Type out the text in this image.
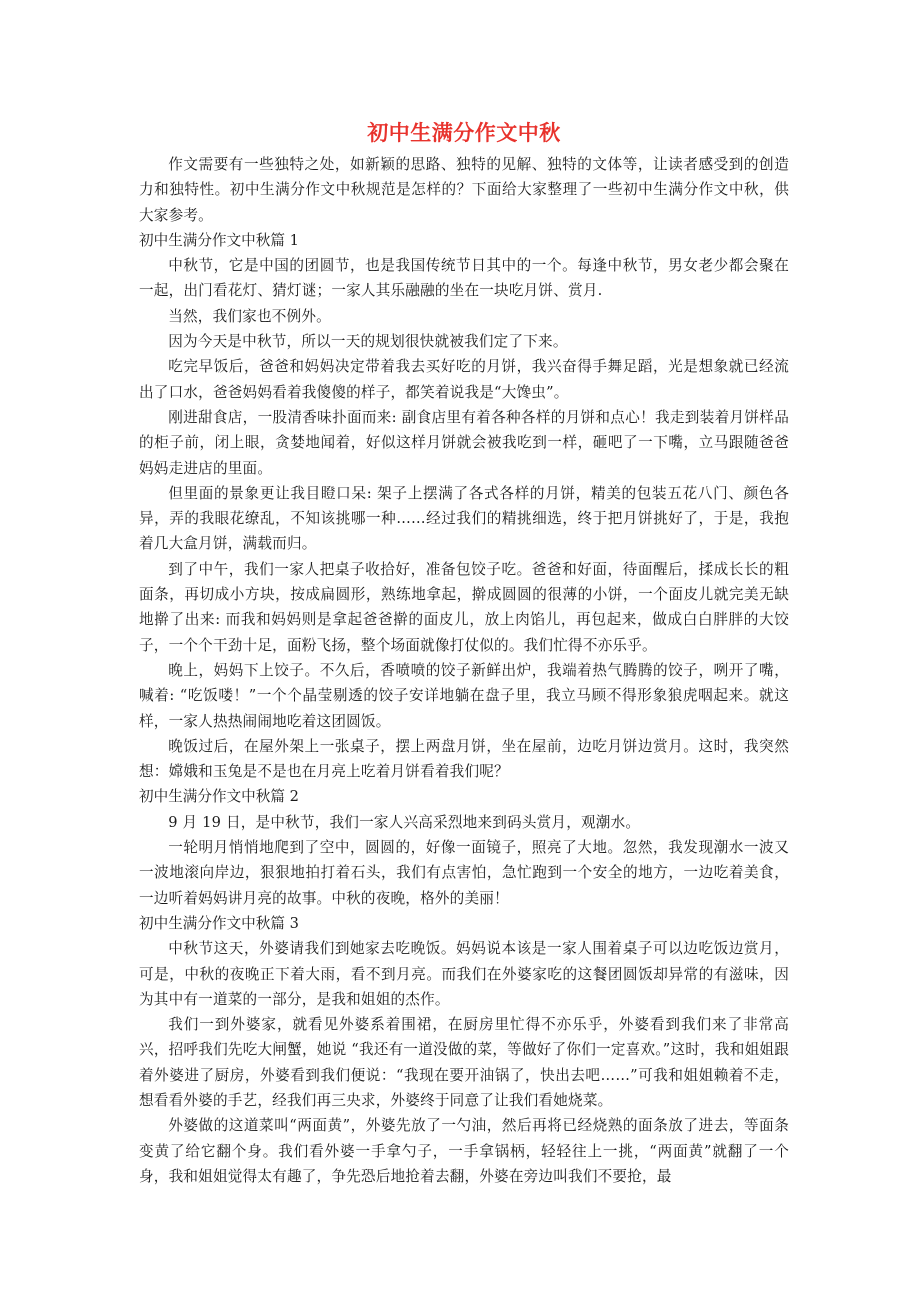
初中生满分作文中秋

作文需要有一些独特之处，如新颖的思路、独特的见解、独特的文体等，让读者感受到的创造力和独特性。初中生满分作文中秋规范是怎样的？下面给大家整理了一些初中生满分作文中秋，供大家参考。

初中生满分作文中秋篇 1

中秋节，它是中国的团圆节，也是我国传统节日其中的一个。每逢中秋节，男女老少都会聚在一起，出门看花灯、猜灯谜；一家人其乐融融的坐在一块吃月饼、赏月.

当然，我们家也不例外。

因为今天是中秋节，所以一天的规划很快就被我们定了下来。

吃完早饭后，爸爸和妈妈决定带着我去买好吃的月饼，我兴奋得手舞足蹈，光是想象就已经流出了口水，爸爸妈妈看着我傻傻的样子，都笑着说我是“大馋虫”。

刚进甜食店，一股清香味扑面而来: 副食店里有着各种各样的月饼和点心！我走到装着月饼样品的柜子前，闭上眼，贪婪地闻着，好似这样月饼就会被我吃到一样，砸吧了一下嘴，立马跟随爸爸妈妈走进店的里面。

但里面的景象更让我目瞪口呆: 架子上摆满了各式各样的月饼，精美的包装五花八门、颜色各异，弄的我眼花缭乱，不知该挑哪一种……经过我们的精挑细选，终于把月饼挑好了，于是，我抱着几大盒月饼，满载而归。

到了中午，我们一家人把桌子收拾好，准备包饺子吃。爸爸和好面，待面醒后，揉成长长的粗面条，再切成小方块，按成扁圆形，熟练地拿起，擀成圆圆的很薄的小饼，一个面皮儿就完美无缺地擀了出来: 而我和妈妈则是拿起爸爸擀的面皮儿，放上肉馅儿，再包起来，做成白白胖胖的大饺子，一个个干劲十足，面粉飞扬，整个场面就像打仗似的。我们忙得不亦乐乎。

晚上，妈妈下上饺子。不久后，香喷喷的饺子新鲜出炉，我端着热气腾腾的饺子，咧开了嘴，喊着: “吃饭喽！”一个个晶莹剔透的饺子安详地躺在盘子里，我立马顾不得形象狼虎咽起来。就这样，一家人热热闹闹地吃着这团圆饭。

晚饭过后，在屋外架上一张桌子，摆上两盘月饼，坐在屋前，边吃月饼边赏月。这时，我突然想：嫦娥和玉兔是不是也在月亮上吃着月饼看着我们呢？

初中生满分作文中秋篇 2

9 月 19 日，是中秋节，我们一家人兴高采烈地来到码头赏月，观潮水。

一轮明月悄悄地爬到了空中，圆圆的，好像一面镜子，照亮了大地。忽然，我发现潮水一波又一波地滚向岸边，狠狠地拍打着石头，我们有点害怕，急忙跑到一个安全的地方，一边吃着美食，一边听着妈妈讲月亮的故事。中秋的夜晚，格外的美丽！

初中生满分作文中秋篇 3

中秋节这天，外婆请我们到她家去吃晚饭。妈妈说本该是一家人围着桌子可以边吃饭边赏月，可是，中秋的夜晚正下着大雨，看不到月亮。而我们在外婆家吃的这餐团圆饭却异常的有滋味，因为其中有一道菜的一部分，是我和姐姐的杰作。

我们一到外婆家，就看见外婆系着围裙，在厨房里忙得不亦乐乎，外婆看到我们来了非常高兴，招呼我们先吃大闸蟹，她说 “我还有一道没做的菜，等做好了你们一定喜欢。”这时，我和姐姐跟着外婆进了厨房，外婆看到我们便说：“我现在要开油锅了，快出去吧……”可我和姐姐赖着不走，想看看外婆的手艺，经我们再三央求，外婆终于同意了让我们看她烧菜。

外婆做的这道菜叫“两面黄”，外婆先放了一勺油，然后再将已经烧熟的面条放了进去，等面条变黄了给它翻个身。我们看外婆一手拿勺子，一手拿锅柄，轻轻往上一挑，“两面黄”就翻了一个身，我和姐姐觉得太有趣了，争先恐后地抢着去翻，外婆在旁边叫我们不要抢，最
